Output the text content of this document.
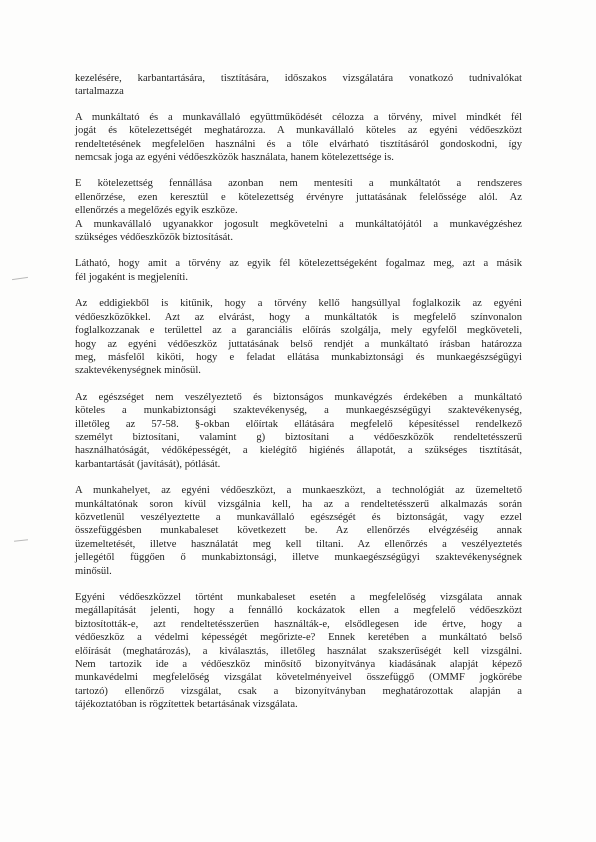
kezelésére, karbantartására, tisztítására, időszakos vizsgálatára vonatkozó tudnivalókat
tartalmazza

A munkáltató és a munkavállaló együttműködését célozza a törvény, mivel mindkét fél
jogát és kötelezettségét meghatározza. A munkavállaló köteles az egyéni védőeszközt
rendeltetésének megfelelően használni és a tőle elvárható tisztításáról gondoskodni, így
nemcsak joga az egyéni védőeszközök használata, hanem kötelezettsége is.

E kötelezettség fennállása azonban nem mentesíti a munkáltatót a rendszeres
ellenőrzése, ezen keresztül e kötelezettség érvényre juttatásának felelőssége alól. Az
ellenőrzés a megelőzés egyik eszköze.
A munkavállaló ugyanakkor jogosult megkövetelni a munkáltatójától a munkavégzéshez
szükséges védőeszközök biztosítását.

Látható, hogy amit a törvény az egyik fél kötelezettségeként fogalmaz meg, azt a másik
fél jogaként is megjeleníti.

Az eddigiekből is kitűnik, hogy a törvény kellő hangsúllyal foglalkozik az egyéni
védőeszközökkel. Azt az elvárást, hogy a munkáltatók is megfelelő színvonalon
foglalkozzanak e területtel az a garanciális előírás szolgálja, mely egyfelől megköveteli,
hogy az egyéni védőeszköz juttatásának belső rendjét a munkáltató írásban határozza
meg, másfelől kiköti, hogy e feladat ellátása munkabiztonsági és munkaegészségügyi
szaktevékenységnek minősül.

Az egészséget nem veszélyeztető és biztonságos munkavégzés érdekében a munkáltató
köteles a munkabiztonsági szaktevékenység, a munkaegészségügyi szaktevékenység,
illetőleg az 57-58. §-okban előírtak ellátására megfelelő képesítéssel rendelkező
személyt biztosítani, valamint g) biztosítani a védőeszközök rendeltetésszerű
használhatóságát, védőképességét, a kielégítő higiénés állapotát, a szükséges tisztítását,
karbantartását (javítását), pótlását.

A munkahelyet, az egyéni védőeszközt, a munkaeszközt, a technológiát az üzemeltető
munkáltatónak soron kívül vizsgálnia kell, ha az a rendeltetésszerű alkalmazás során
közvetlenül veszélyeztette a munkavállaló egészségét és biztonságát, vagy ezzel
összefüggésben munkabaleset következett be. Az ellenőrzés elvégzéséig annak
üzemeltetését, illetve használatát meg kell tiltani. Az ellenőrzés a veszélyeztetés
jellegétől függően ő munkabiztonsági, illetve munkaegészségügyi szaktevékenységnek
minősül.

Egyéni védőeszközzel történt munkabaleset esetén a megfelelőség vizsgálata annak
megállapítását jelenti, hogy a fennálló kockázatok ellen a megfelelő védőeszközt
biztosították-e, azt rendeltetésszerűen használták-e, elsődlegesen ide értve, hogy a
védőeszköz a védelmi képességét megőrizte-e? Ennek keretében a munkáltató belső
előírását (meghatározás), a kiválasztás, illetőleg használat szakszerűségét kell vizsgálni.
Nem tartozik ide a védőeszköz minősítő bizonyítványa kiadásának alapját képező
munkavédelmi megfelelőség vizsgálat követelményeivel összefüggő (OMMF jogkörébe
tartozó) ellenőrző vizsgálat, csak a bizonyítványban meghatározottak alapján a
tájékoztatóban is rögzítettek betartásának vizsgálata.
